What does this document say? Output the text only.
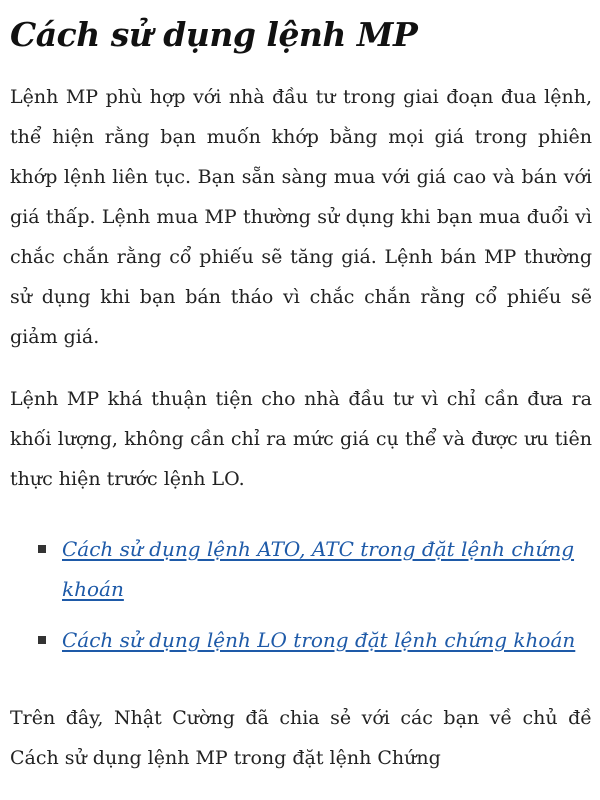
Cách sử dụng lệnh MP

Lệnh MP phù hợp với nhà đầu tư trong giai đoạn đua lệnh, thể hiện rằng bạn muốn khớp bằng mọi giá trong phiên khớp lệnh liên tục. Bạn sẵn sàng mua với giá cao và bán với giá thấp. Lệnh mua MP thường sử dụng khi bạn mua đuổi vì chắc chắn rằng cổ phiếu sẽ tăng giá. Lệnh bán MP thường sử dụng khi bạn bán tháo vì chắc chắn rằng cổ phiếu sẽ giảm giá.

Lệnh MP khá thuận tiện cho nhà đầu tư vì chỉ cần đưa ra khối lượng, không cần chỉ ra mức giá cụ thể và được ưu tiên thực hiện trước lệnh LO.

Cách sử dụng lệnh ATO, ATC trong đặt lệnh chứng khoán
Cách sử dụng lệnh LO trong đặt lệnh chứng khoán

Trên đây, Nhật Cường đã chia sẻ với các bạn về chủ đề Cách sử dụng lệnh MP trong đặt lệnh Chứng
